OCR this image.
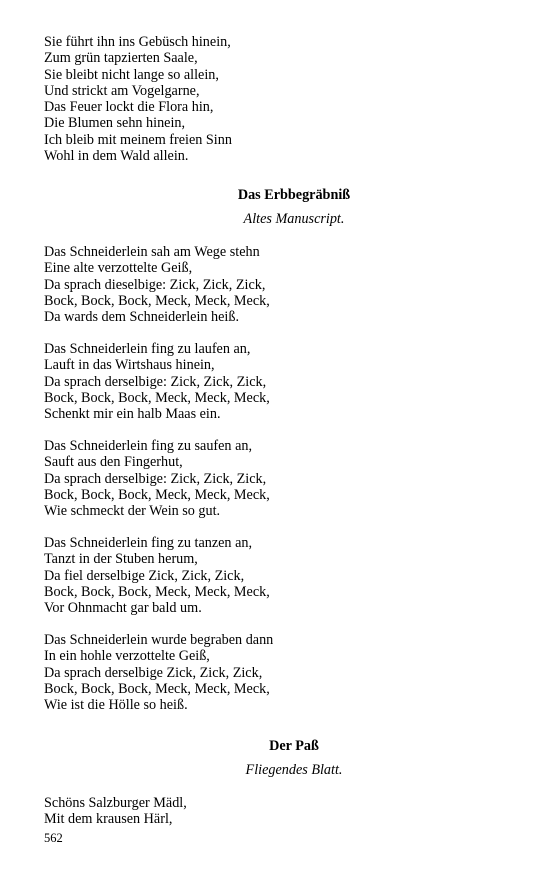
Sie führt ihn ins Gebüsch hinein,
Zum grün tapzierten Saale,
Sie bleibt nicht lange so allein,
Und strickt am Vogelgarne,
Das Feuer lockt die Flora hin,
Die Blumen sehn hinein,
Ich bleib mit meinem freien Sinn
Wohl in dem Wald allein.
Das Erbbegräbniß
Altes Manuscript.
Das Schneiderlein sah am Wege stehn
Eine alte verzottelte Geiß,
Da sprach dieselbige: Zick, Zick, Zick,
Bock, Bock, Bock, Meck, Meck, Meck,
Da wards dem Schneiderlein heiß.
Das Schneiderlein fing zu laufen an,
Lauft in das Wirtshaus hinein,
Da sprach derselbige: Zick, Zick, Zick,
Bock, Bock, Bock, Meck, Meck, Meck,
Schenkt mir ein halb Maas ein.
Das Schneiderlein fing zu saufen an,
Sauft aus den Fingerhut,
Da sprach derselbige: Zick, Zick, Zick,
Bock, Bock, Bock, Meck, Meck, Meck,
Wie schmeckt der Wein so gut.
Das Schneiderlein fing zu tanzen an,
Tanzt in der Stuben herum,
Da fiel derselbige Zick, Zick, Zick,
Bock, Bock, Bock, Meck, Meck, Meck,
Vor Ohnmacht gar bald um.
Das Schneiderlein wurde begraben dann
In ein hohle verzottelte Geiß,
Da sprach derselbige Zick, Zick, Zick,
Bock, Bock, Bock, Meck, Meck, Meck,
Wie ist die Hölle so heiß.
Der Paß
Fliegendes Blatt.
Schöns Salzburger Mädl,
Mit dem krausen Härl,
562
